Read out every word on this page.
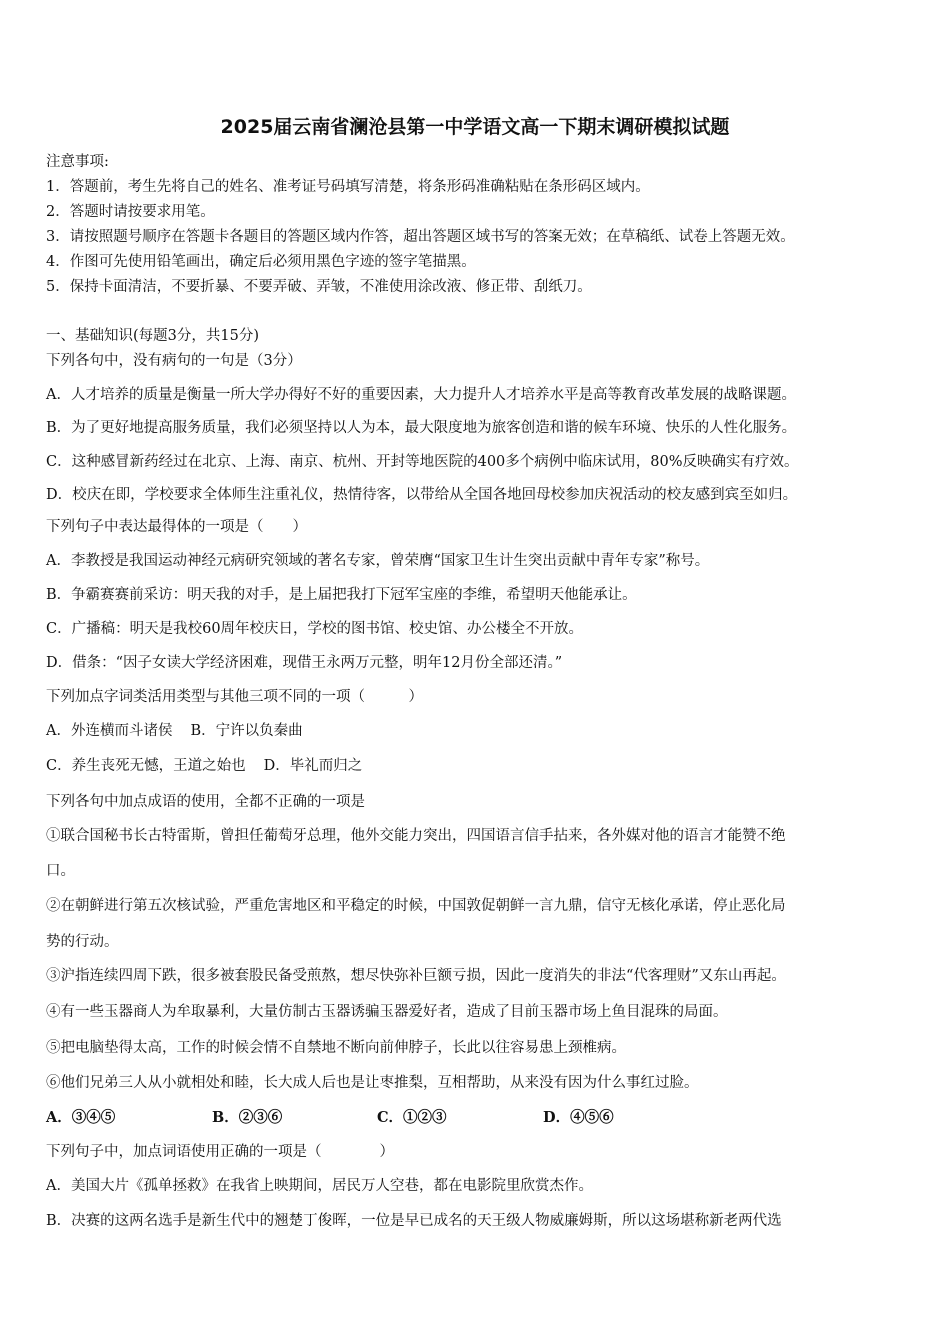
2025届云南省澜沧县第一中学语文高一下期末调研模拟试题
注意事项:
1．答题前，考生先将自己的姓名、准考证号码填写清楚，将条形码准确粘贴在条形码区域内。
2．答题时请按要求用笔。
3．请按照题号顺序在答题卡各题目的答题区域内作答，超出答题区域书写的答案无效；在草稿纸、试卷上答题无效。
4．作图可先使用铅笔画出，确定后必须用黑色字迹的签字笔描黑。
5．保持卡面清洁，不要折暴、不要弄破、弄皱，不准使用涂改液、修正带、刮纸刀。
一、基础知识(每题3分，共15分)
下列各句中，没有病句的一句是（3分）
A．人才培养的质量是衡量一所大学办得好不好的重要因素，大力提升人才培养水平是高等教育改革发展的战略课题。
B．为了更好地提高服务质量，我们必须坚持以人为本，最大限度地为旅客创造和谐的候车环境、快乐的人性化服务。
C．这种感冒新药经过在北京、上海、南京、杭州、开封等地医院的400多个病例中临床试用，80%反映确实有疗效。
D．校庆在即，学校要求全体师生注重礼仪，热情待客，以带给从全国各地回母校参加庆祝活动的校友感到宾至如归。
下列句子中表达最得体的一项是（　　）
A．李教授是我国运动神经元病研究领域的著名专家，曾荣膺“国家卫生计生突出贡献中青年专家”称号。
B．争霸赛赛前采访：明天我的对手，是上届把我打下冠军宝座的李维，希望明天他能承让。
C．广播稿：明天是我校60周年校庆日，学校的图书馆、校史馆、办公楼全不开放。
D．借条：“因子女读大学经济困难，现借王永两万元整，明年12月份全部还清。”
下列加点字词类活用类型与其他三项不同的一项（　　　）
A．外连横而斗诸侯 B．宁许以负秦曲
C．养生丧死无憾，王道之始也 D．毕礼而归之
下列各句中加点成语的使用，全都不正确的一项是
①联合国秘书长古特雷斯，曾担任葡萄牙总理，他外交能力突出，四国语言信手拈来，各外媒对他的语言才能赞不绝
口。
②在朝鲜进行第五次核试验，严重危害地区和平稳定的时候，中国敦促朝鲜一言九鼎，信守无核化承诺，停止恶化局
势的行动。
③沪指连续四周下跌，很多被套股民备受煎熬，想尽快弥补巨额亏损，因此一度消失的非法“代客理财”又东山再起。
④有一些玉器商人为牟取暴利，大量仿制古玉器诱骗玉器爱好者，造成了目前玉器市场上鱼目混珠的局面。
⑤把电脑垫得太高，工作的时候会情不自禁地不断向前伸脖子，长此以往容易患上颈椎病。
⑥他们兄弟三人从小就相处和睦，长大成人后也是让枣推梨，互相帮助，从来没有因为什么事红过脸。
A．③④⑤	B．②③⑥	C．①②③	D．④⑤⑥
下列句子中，加点词语使用正确的一项是（　　　　）
A．美国大片《孤单拯救》在我省上映期间，居民万人空巷，都在电影院里欣赏杰作。
B．决赛的这两名选手是新生代中的翘楚丁俊晖，一位是早已成名的天王级人物威廉姆斯，所以这场堪称新老两代选
